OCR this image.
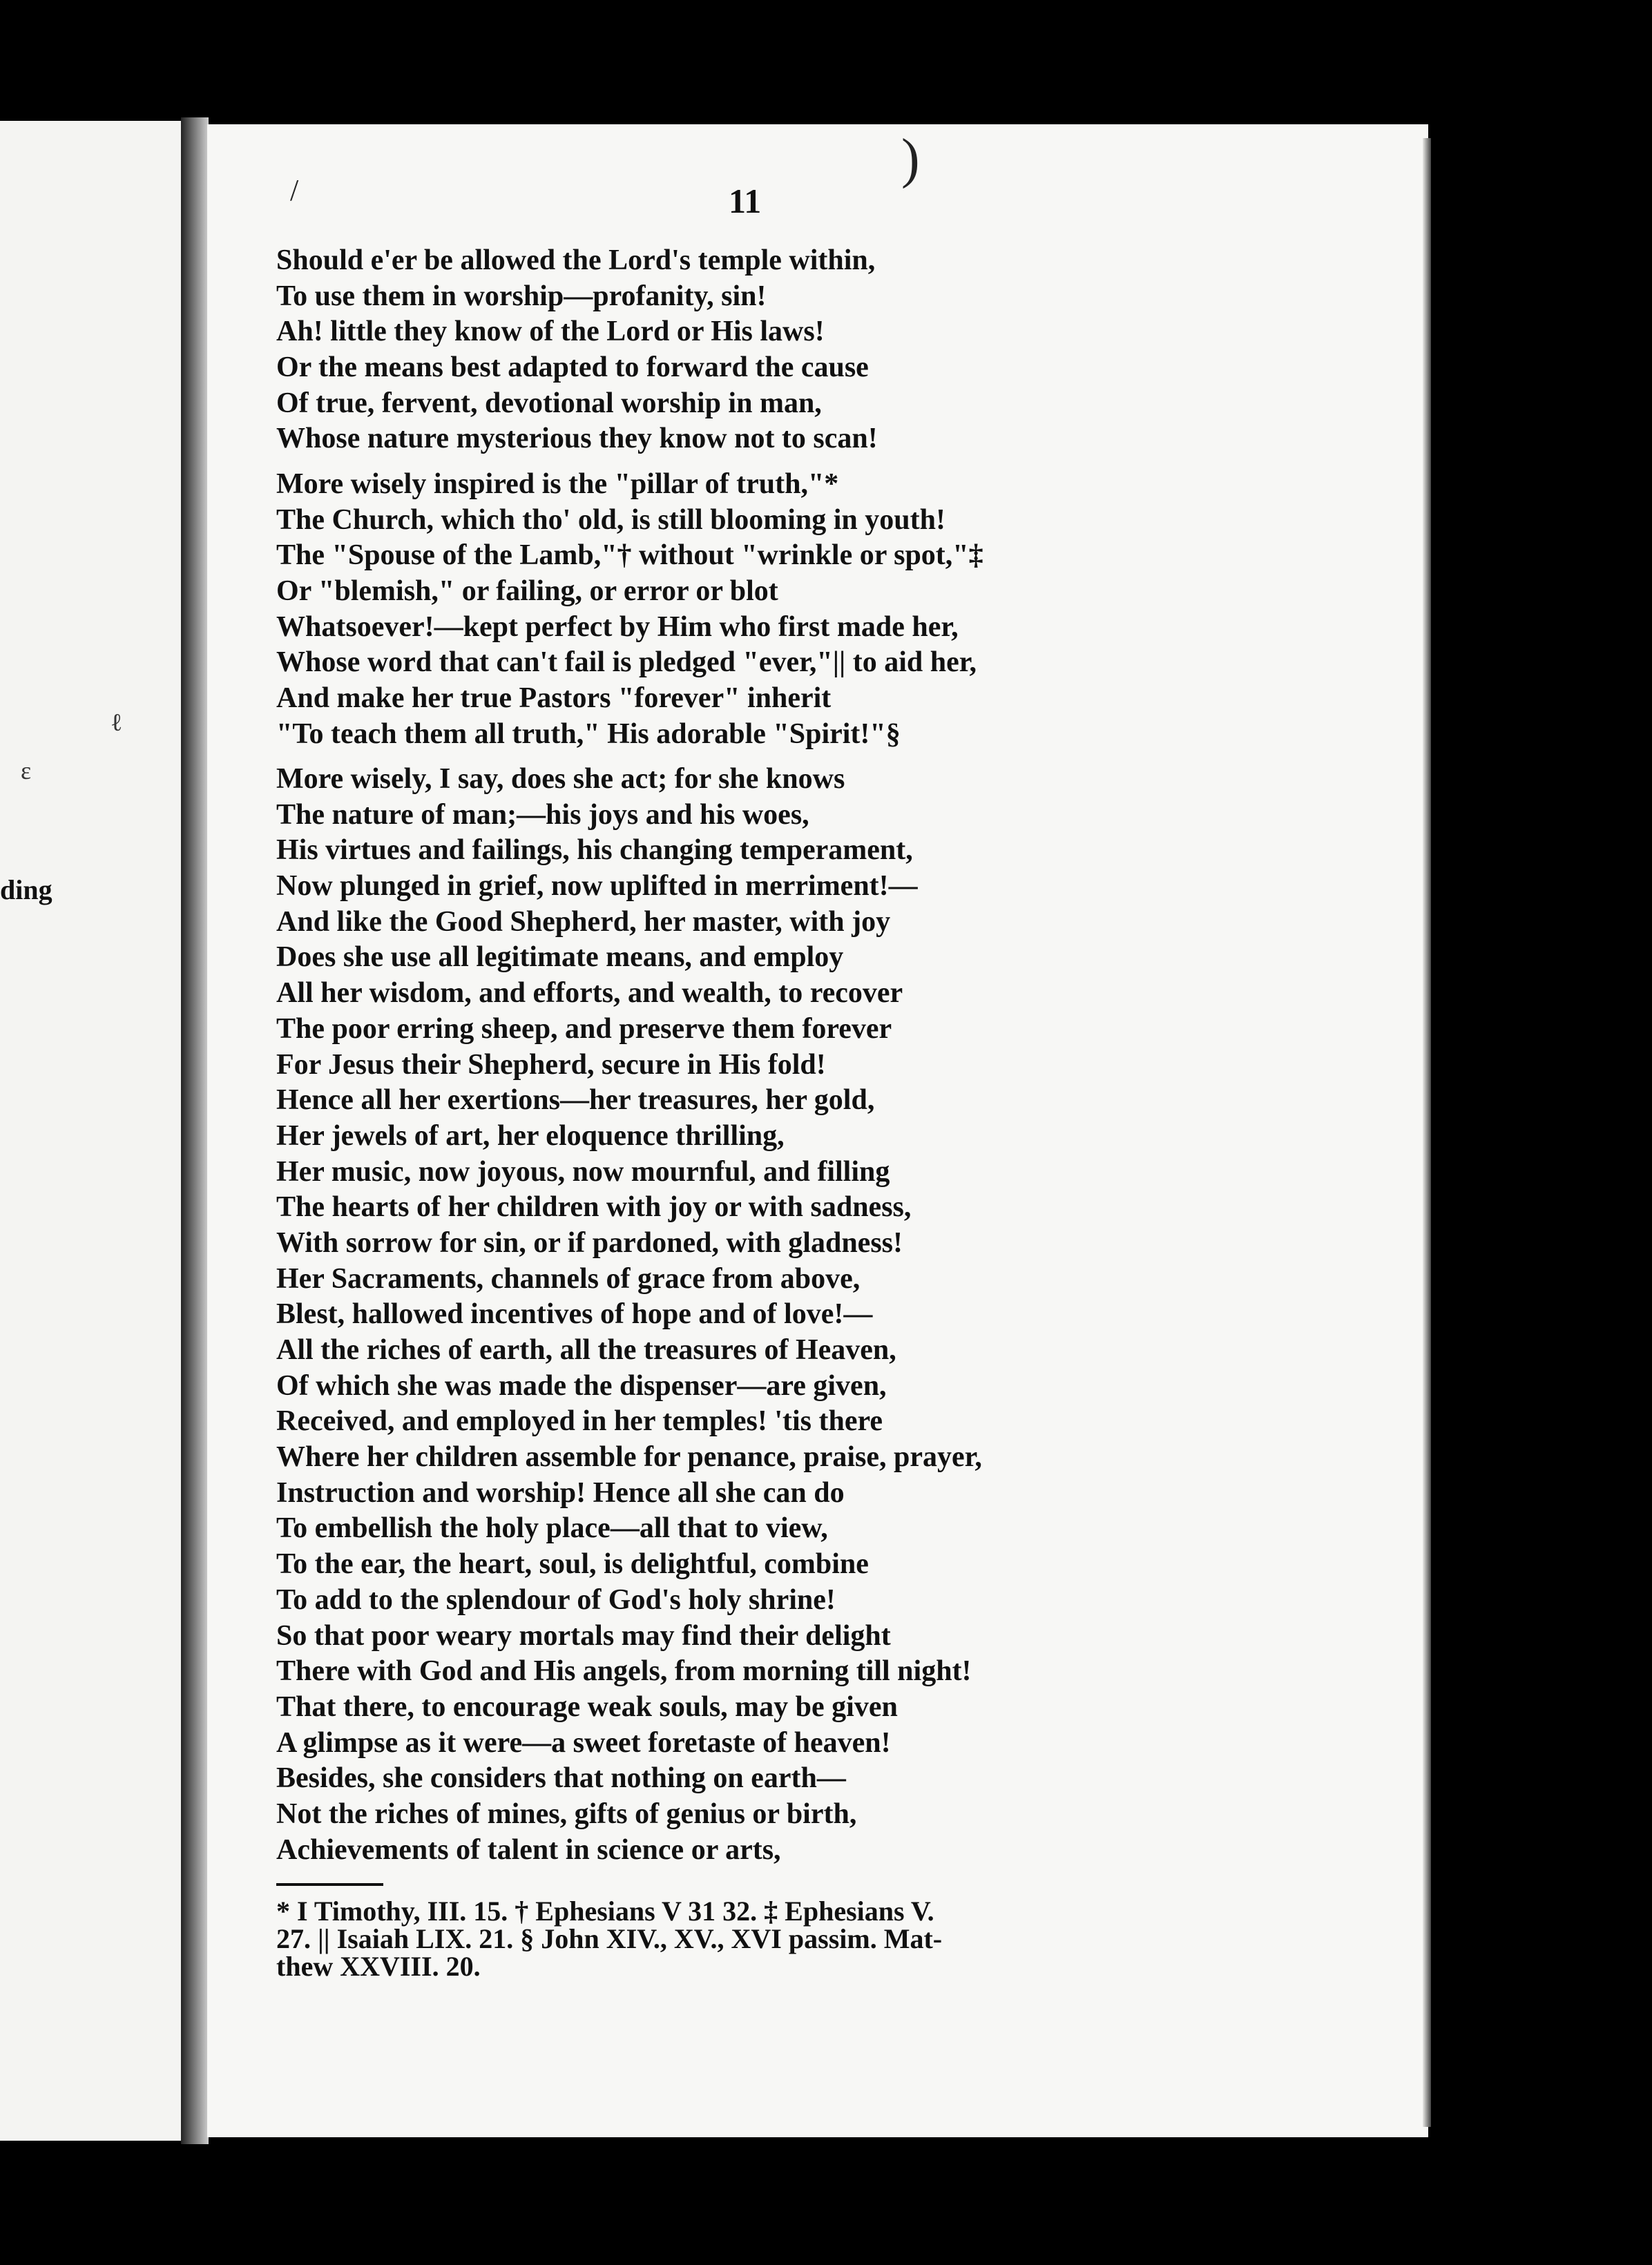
ding
ɛ
ℓ
/
)
11
Should e'er be allowed the Lord's temple within,
To use them in worship—profanity, sin!
Ah! little they know of the Lord or His laws!
Or the means best adapted to forward the cause
Of true, fervent, devotional worship in man,
Whose nature mysterious they know not to scan!
More wisely inspired is the "pillar of truth,"*
The Church, which tho' old, is still blooming in youth!
The "Spouse of the Lamb,"† without "wrinkle or spot,"‡
Or "blemish," or failing, or error or blot
Whatsoever!—kept perfect by Him who first made her,
Whose word that can't fail is pledged "ever,"|| to aid her,
And make her true Pastors "forever" inherit
"To teach them all truth," His adorable "Spirit!"§
More wisely, I say, does she act; for she knows
The nature of man;—his joys and his woes,
His virtues and failings, his changing temperament,
Now plunged in grief, now uplifted in merriment!—
And like the Good Shepherd, her master, with joy
Does she use all legitimate means, and employ
All her wisdom, and efforts, and wealth, to recover
The poor erring sheep, and preserve them forever
For Jesus their Shepherd, secure in His fold!
Hence all her exertions—her treasures, her gold,
Her jewels of art, her eloquence thrilling,
Her music, now joyous, now mournful, and filling
The hearts of her children with joy or with sadness,
With sorrow for sin, or if pardoned, with gladness!
Her Sacraments, channels of grace from above,
Blest, hallowed incentives of hope and of love!—
All the riches of earth, all the treasures of Heaven,
Of which she was made the dispenser—are given,
Received, and employed in her temples! 'tis there
Where her children assemble for penance, praise, prayer,
Instruction and worship! Hence all she can do
To embellish the holy place—all that to view,
To the ear, the heart, soul, is delightful, combine
To add to the splendour of God's holy shrine!
So that poor weary mortals may find their delight
There with God and His angels, from morning till night!
That there, to encourage weak souls, may be given
A glimpse as it were—a sweet foretaste of heaven!
Besides, she considers that nothing on earth—
Not the riches of mines, gifts of genius or birth,
Achievements of talent in science or arts,
* I Timothy, III. 15. † Ephesians V 31 32. ‡ Ephesians V.
27. || Isaiah LIX. 21. § John XIV., XV., XVI passim. Mat-
thew XXVIII. 20.
